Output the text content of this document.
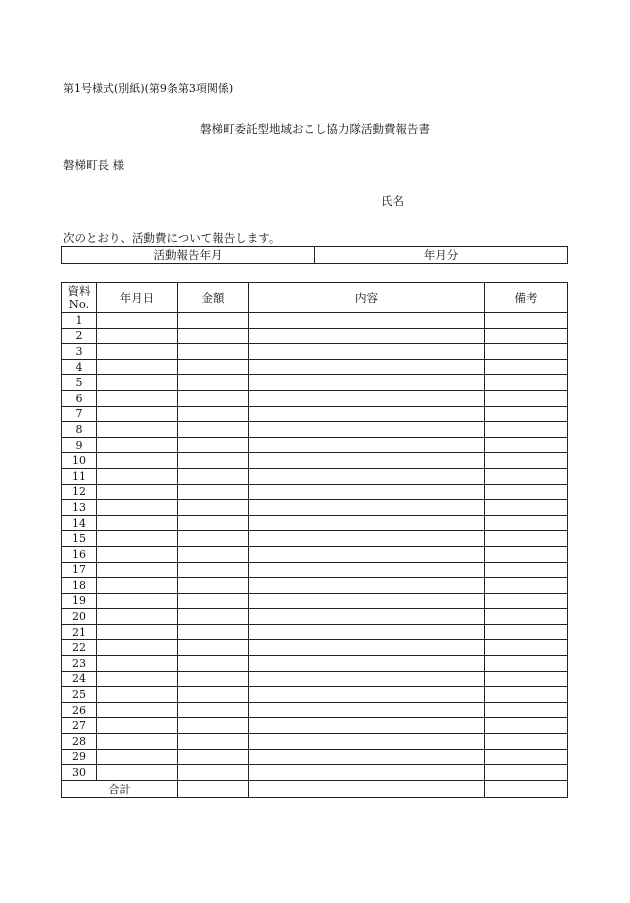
第1号様式(別紙)(第9条第3項関係)
磐梯町委託型地域おこし協力隊活動費報告書
磐梯町長 様
氏名
次のとおり、活動費について報告します。
活動報告年月	年月分
資料
No.	年月日	金額	内容	備考
1				
2				
3				
4				
5				
6				
7				
8				
9				
10				
11				
12				
13				
14				
15				
16				
17				
18				
19				
20				
21				
22				
23				
24				
25				
26				
27				
28				
29				
30				
合計				
